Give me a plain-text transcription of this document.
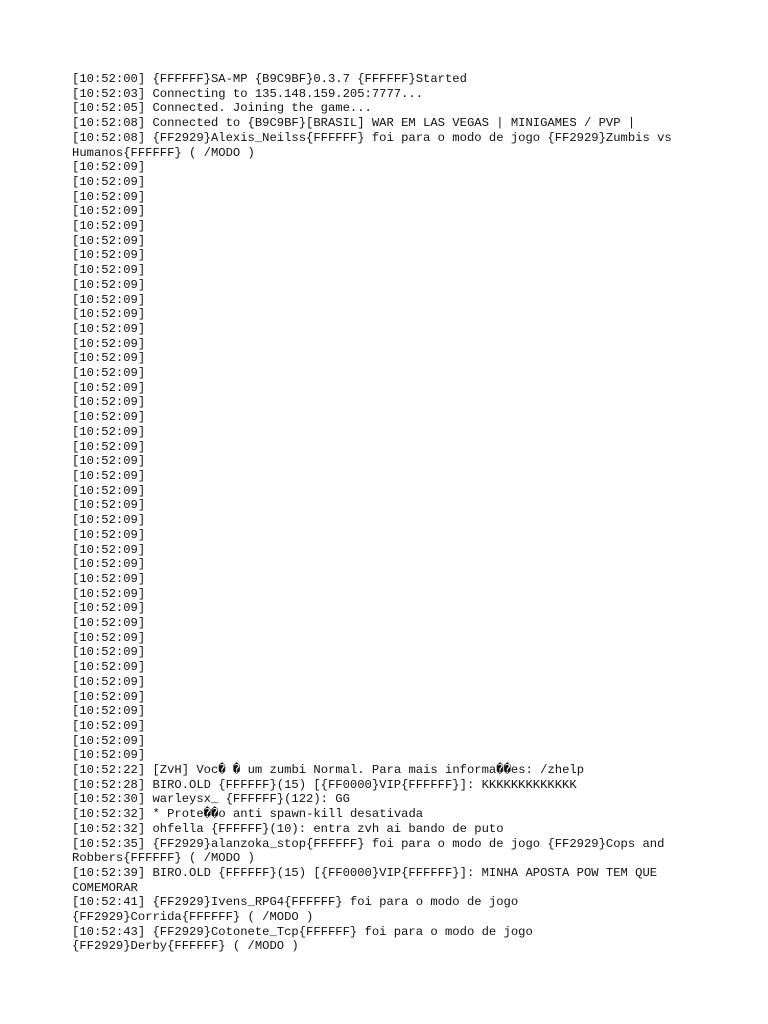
[10:52:00] {FFFFFF}SA-MP {B9C9BF}0.3.7 {FFFFFF}Started
[10:52:03] Connecting to 135.148.159.205:7777...
[10:52:05] Connected. Joining the game...
[10:52:08] Connected to {B9C9BF}[BRASIL] WAR EM LAS VEGAS | MINIGAMES / PVP |
[10:52:08] {FF2929}Alexis_Neilss{FFFFFF} foi para o modo de jogo {FF2929}Zumbis vs
Humanos{FFFFFF} ( /MODO )
[10:52:09]
[10:52:09]
[10:52:09]
[10:52:09]
[10:52:09]
[10:52:09]
[10:52:09]
[10:52:09]
[10:52:09]
[10:52:09]
[10:52:09]
[10:52:09]
[10:52:09]
[10:52:09]
[10:52:09]
[10:52:09]
[10:52:09]
[10:52:09]
[10:52:09]
[10:52:09]
[10:52:09]
[10:52:09]
[10:52:09]
[10:52:09]
[10:52:09]
[10:52:09]
[10:52:09]
[10:52:09]
[10:52:09]
[10:52:09]
[10:52:09]
[10:52:09]
[10:52:09]
[10:52:09]
[10:52:09]
[10:52:09]
[10:52:09]
[10:52:09]
[10:52:09]
[10:52:09]
[10:52:09]
[10:52:22] [ZvH] Voc� � um zumbi Normal. Para mais informa��es: /zhelp
[10:52:28] BIRO.OLD {FFFFFF}(15) [{FF0000}VIP{FFFFFF}]: KKKKKKKKKKKKK
[10:52:30] warleysx_ {FFFFFF}(122): GG
[10:52:32] * Prote��o anti spawn-kill desativada
[10:52:32] ohfella {FFFFFF}(10): entra zvh ai bando de puto
[10:52:35] {FF2929}alanzoka_stop{FFFFFF} foi para o modo de jogo {FF2929}Cops and
Robbers{FFFFFF} ( /MODO )
[10:52:39] BIRO.OLD {FFFFFF}(15) [{FF0000}VIP{FFFFFF}]: MINHA APOSTA POW TEM QUE
COMEMORAR
[10:52:41] {FF2929}Ivens_RPG4{FFFFFF} foi para o modo de jogo
{FF2929}Corrida{FFFFFF} ( /MODO )
[10:52:43] {FF2929}Cotonete_Tcp{FFFFFF} foi para o modo de jogo
{FF2929}Derby{FFFFFF} ( /MODO )
